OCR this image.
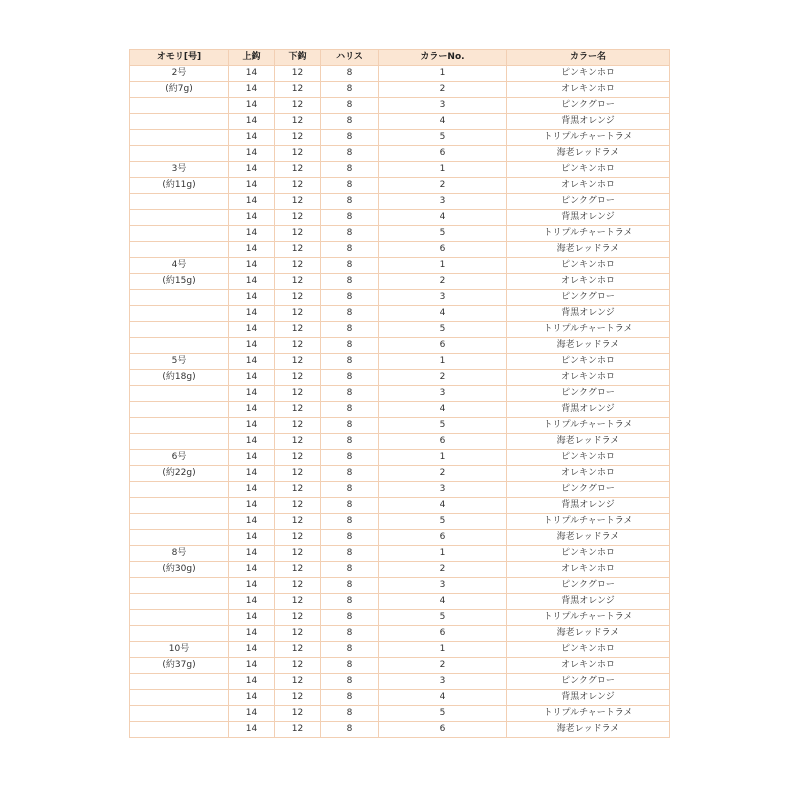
オモリ[号]	上鈎	下鈎	ハリス	カラーNo.	カラー名
2号	14	12	8	1	ピンキンホロ
(約7g)	14	12	8	2	オレキンホロ
	14	12	8	3	ピンクグロー
	14	12	8	4	背黒オレンジ
	14	12	8	5	トリプルチャートラメ
	14	12	8	6	海老レッドラメ
3号	14	12	8	1	ピンキンホロ
(約11g)	14	12	8	2	オレキンホロ
	14	12	8	3	ピンクグロー
	14	12	8	4	背黒オレンジ
	14	12	8	5	トリプルチャートラメ
	14	12	8	6	海老レッドラメ
4号	14	12	8	1	ピンキンホロ
(約15g)	14	12	8	2	オレキンホロ
	14	12	8	3	ピンクグロー
	14	12	8	4	背黒オレンジ
	14	12	8	5	トリプルチャートラメ
	14	12	8	6	海老レッドラメ
5号	14	12	8	1	ピンキンホロ
(約18g)	14	12	8	2	オレキンホロ
	14	12	8	3	ピンクグロー
	14	12	8	4	背黒オレンジ
	14	12	8	5	トリプルチャートラメ
	14	12	8	6	海老レッドラメ
6号	14	12	8	1	ピンキンホロ
(約22g)	14	12	8	2	オレキンホロ
	14	12	8	3	ピンクグロー
	14	12	8	4	背黒オレンジ
	14	12	8	5	トリプルチャートラメ
	14	12	8	6	海老レッドラメ
8号	14	12	8	1	ピンキンホロ
(約30g)	14	12	8	2	オレキンホロ
	14	12	8	3	ピンクグロー
	14	12	8	4	背黒オレンジ
	14	12	8	5	トリプルチャートラメ
	14	12	8	6	海老レッドラメ
10号	14	12	8	1	ピンキンホロ
(約37g)	14	12	8	2	オレキンホロ
	14	12	8	3	ピンクグロー
	14	12	8	4	背黒オレンジ
	14	12	8	5	トリプルチャートラメ
	14	12	8	6	海老レッドラメ
